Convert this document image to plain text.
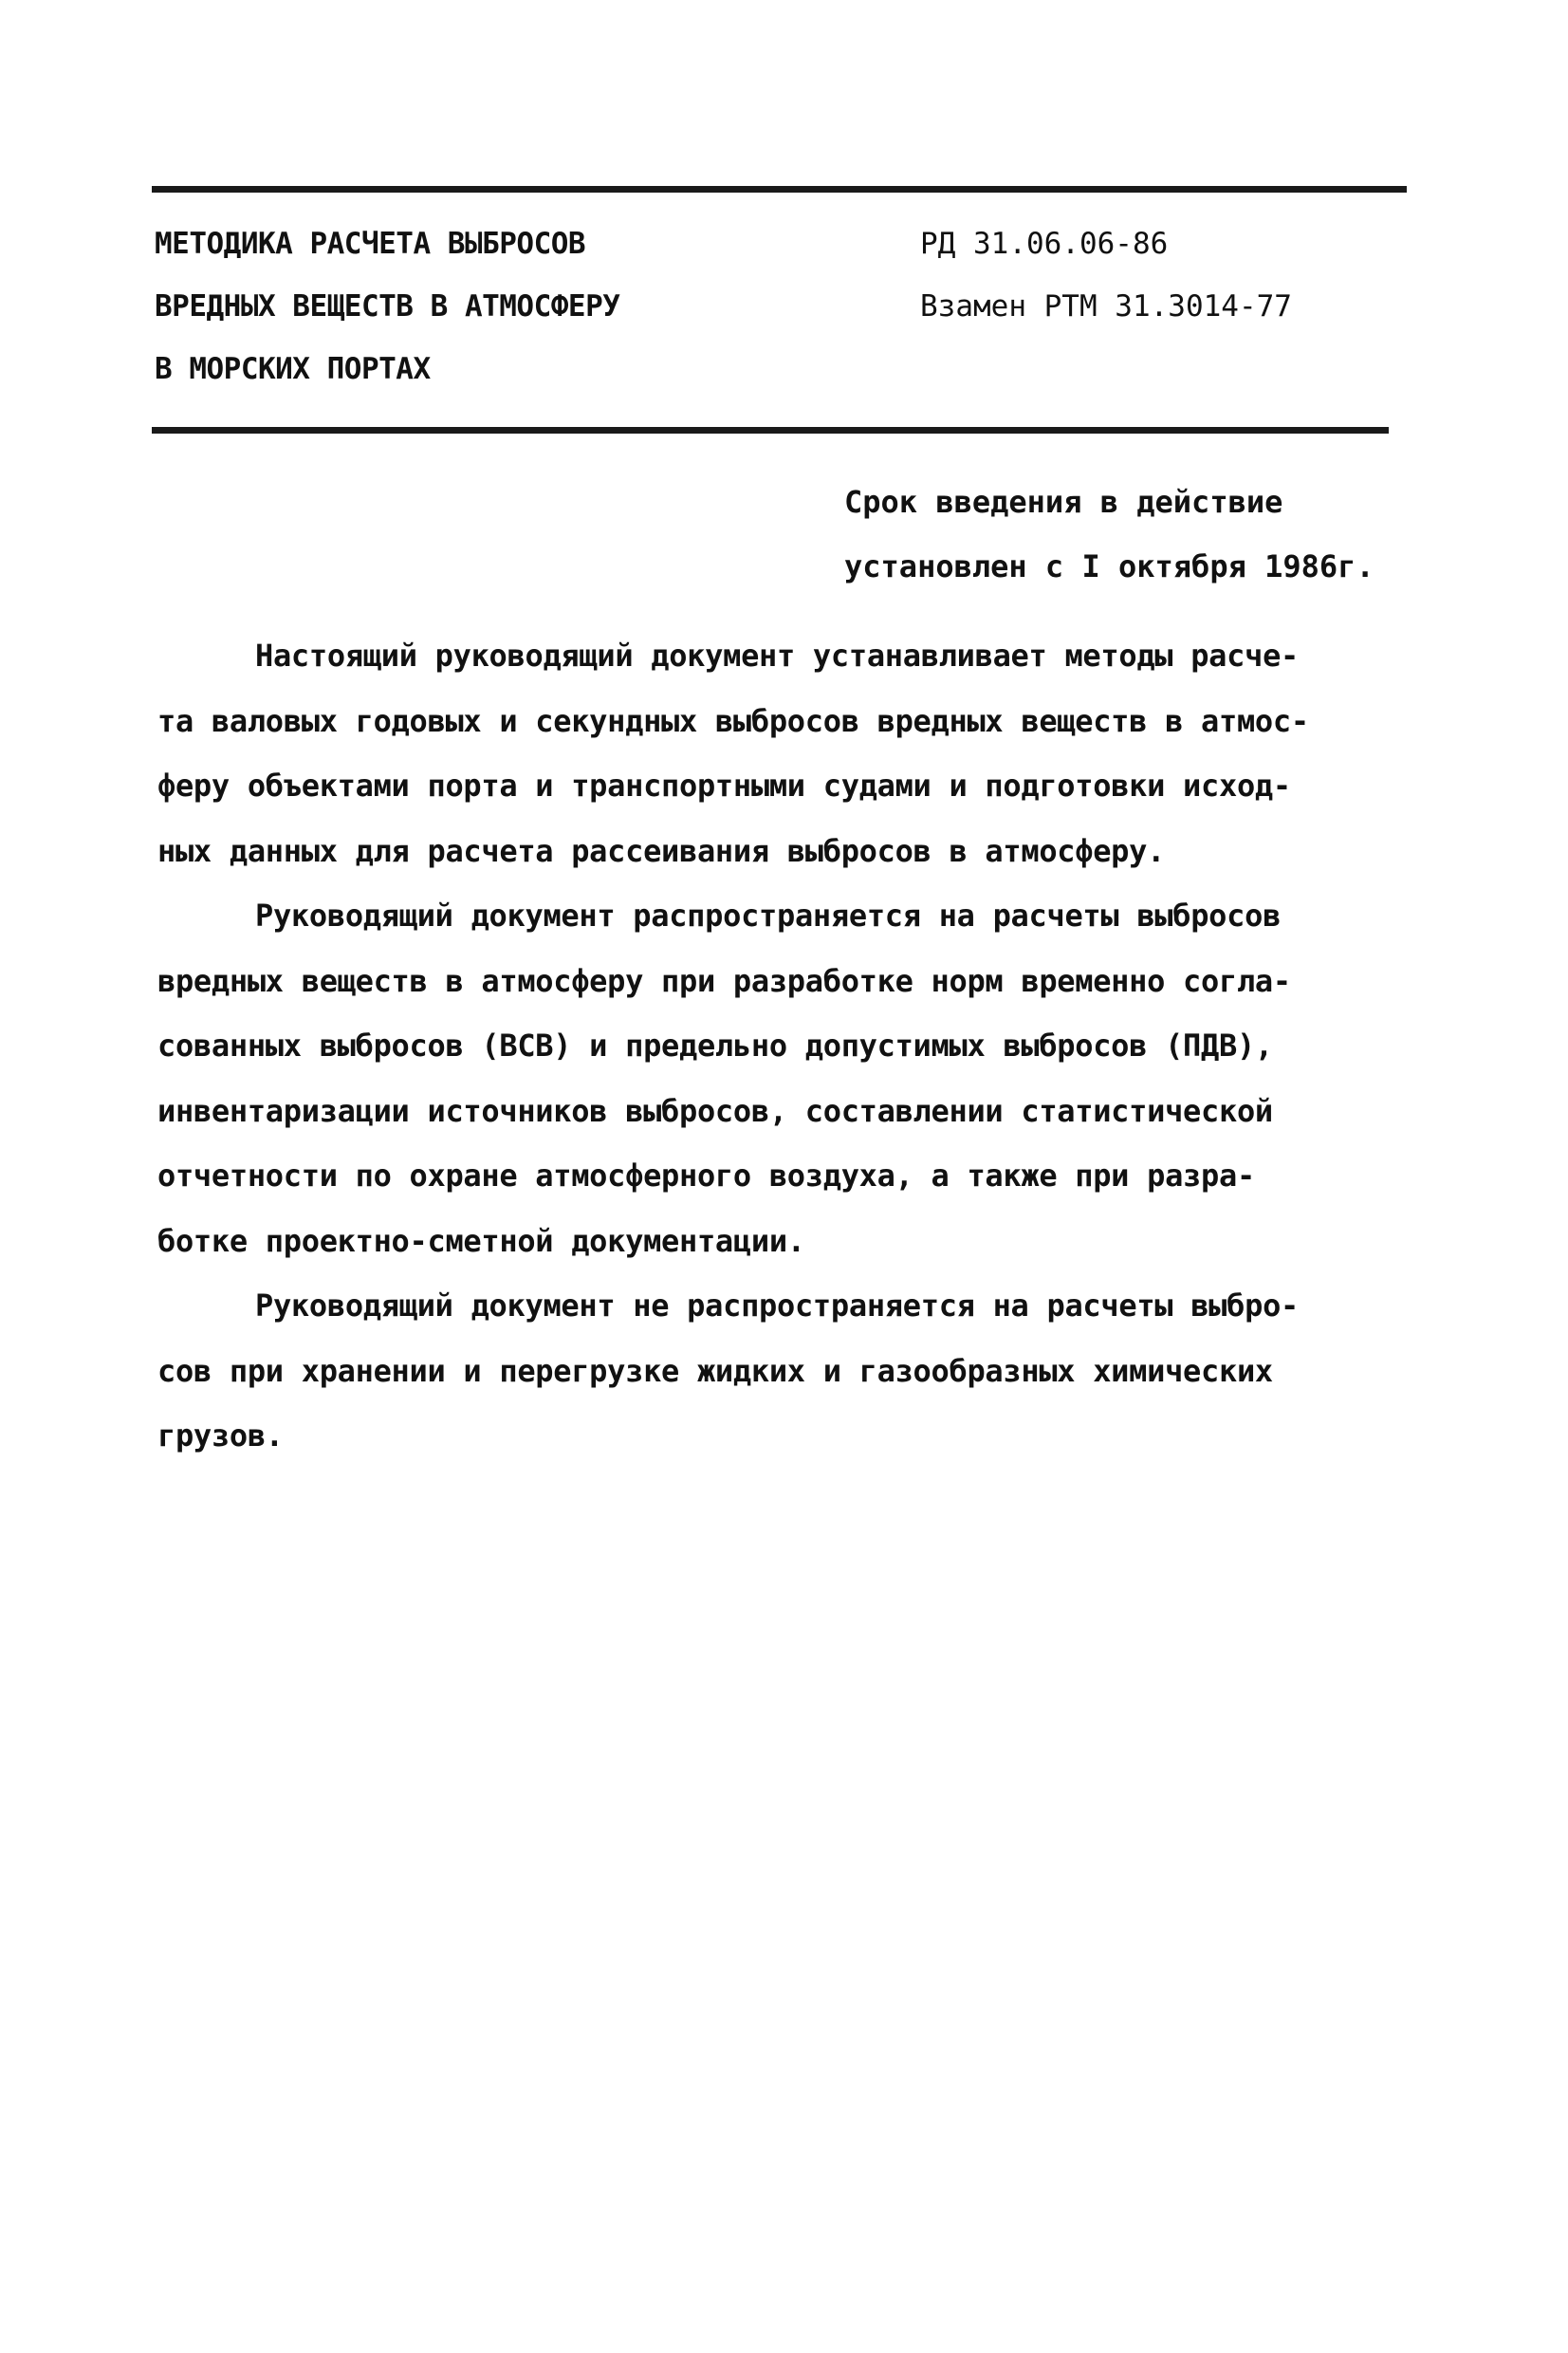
МЕТОДИКА РАСЧЕТА ВЫБРОСОВ
ВРЕДНЫХ ВЕЩЕСТВ В АТМОСФЕРУ
В МОРСКИХ ПОРТАХ
РД 31.06.06-86
Взамен РТМ 31.3014-77
Срок введения в действие
установлен с I октября 1986г.
Настоящий руководящий документ устанавливает методы расче-
та валовых годовых и секундных выбросов вредных веществ в атмос-
феру объектами порта и транспортными судами и подготовки исход-
ных данных для расчета рассеивания выбросов в атмосферу.
Руководящий документ распространяется на расчеты выбросов
вредных веществ в атмосферу при разработке норм временно согла-
сованных выбросов (ВСВ) и предельно допустимых выбросов (ПДВ),
инвентаризации источников выбросов, составлении статистической
отчетности по охране атмосферного воздуха, а также при разра-
ботке проектно-сметной документации.
Руководящий документ не распространяется на расчеты выбро-
сов при хранении и перегрузке жидких и газообразных химических
грузов.
